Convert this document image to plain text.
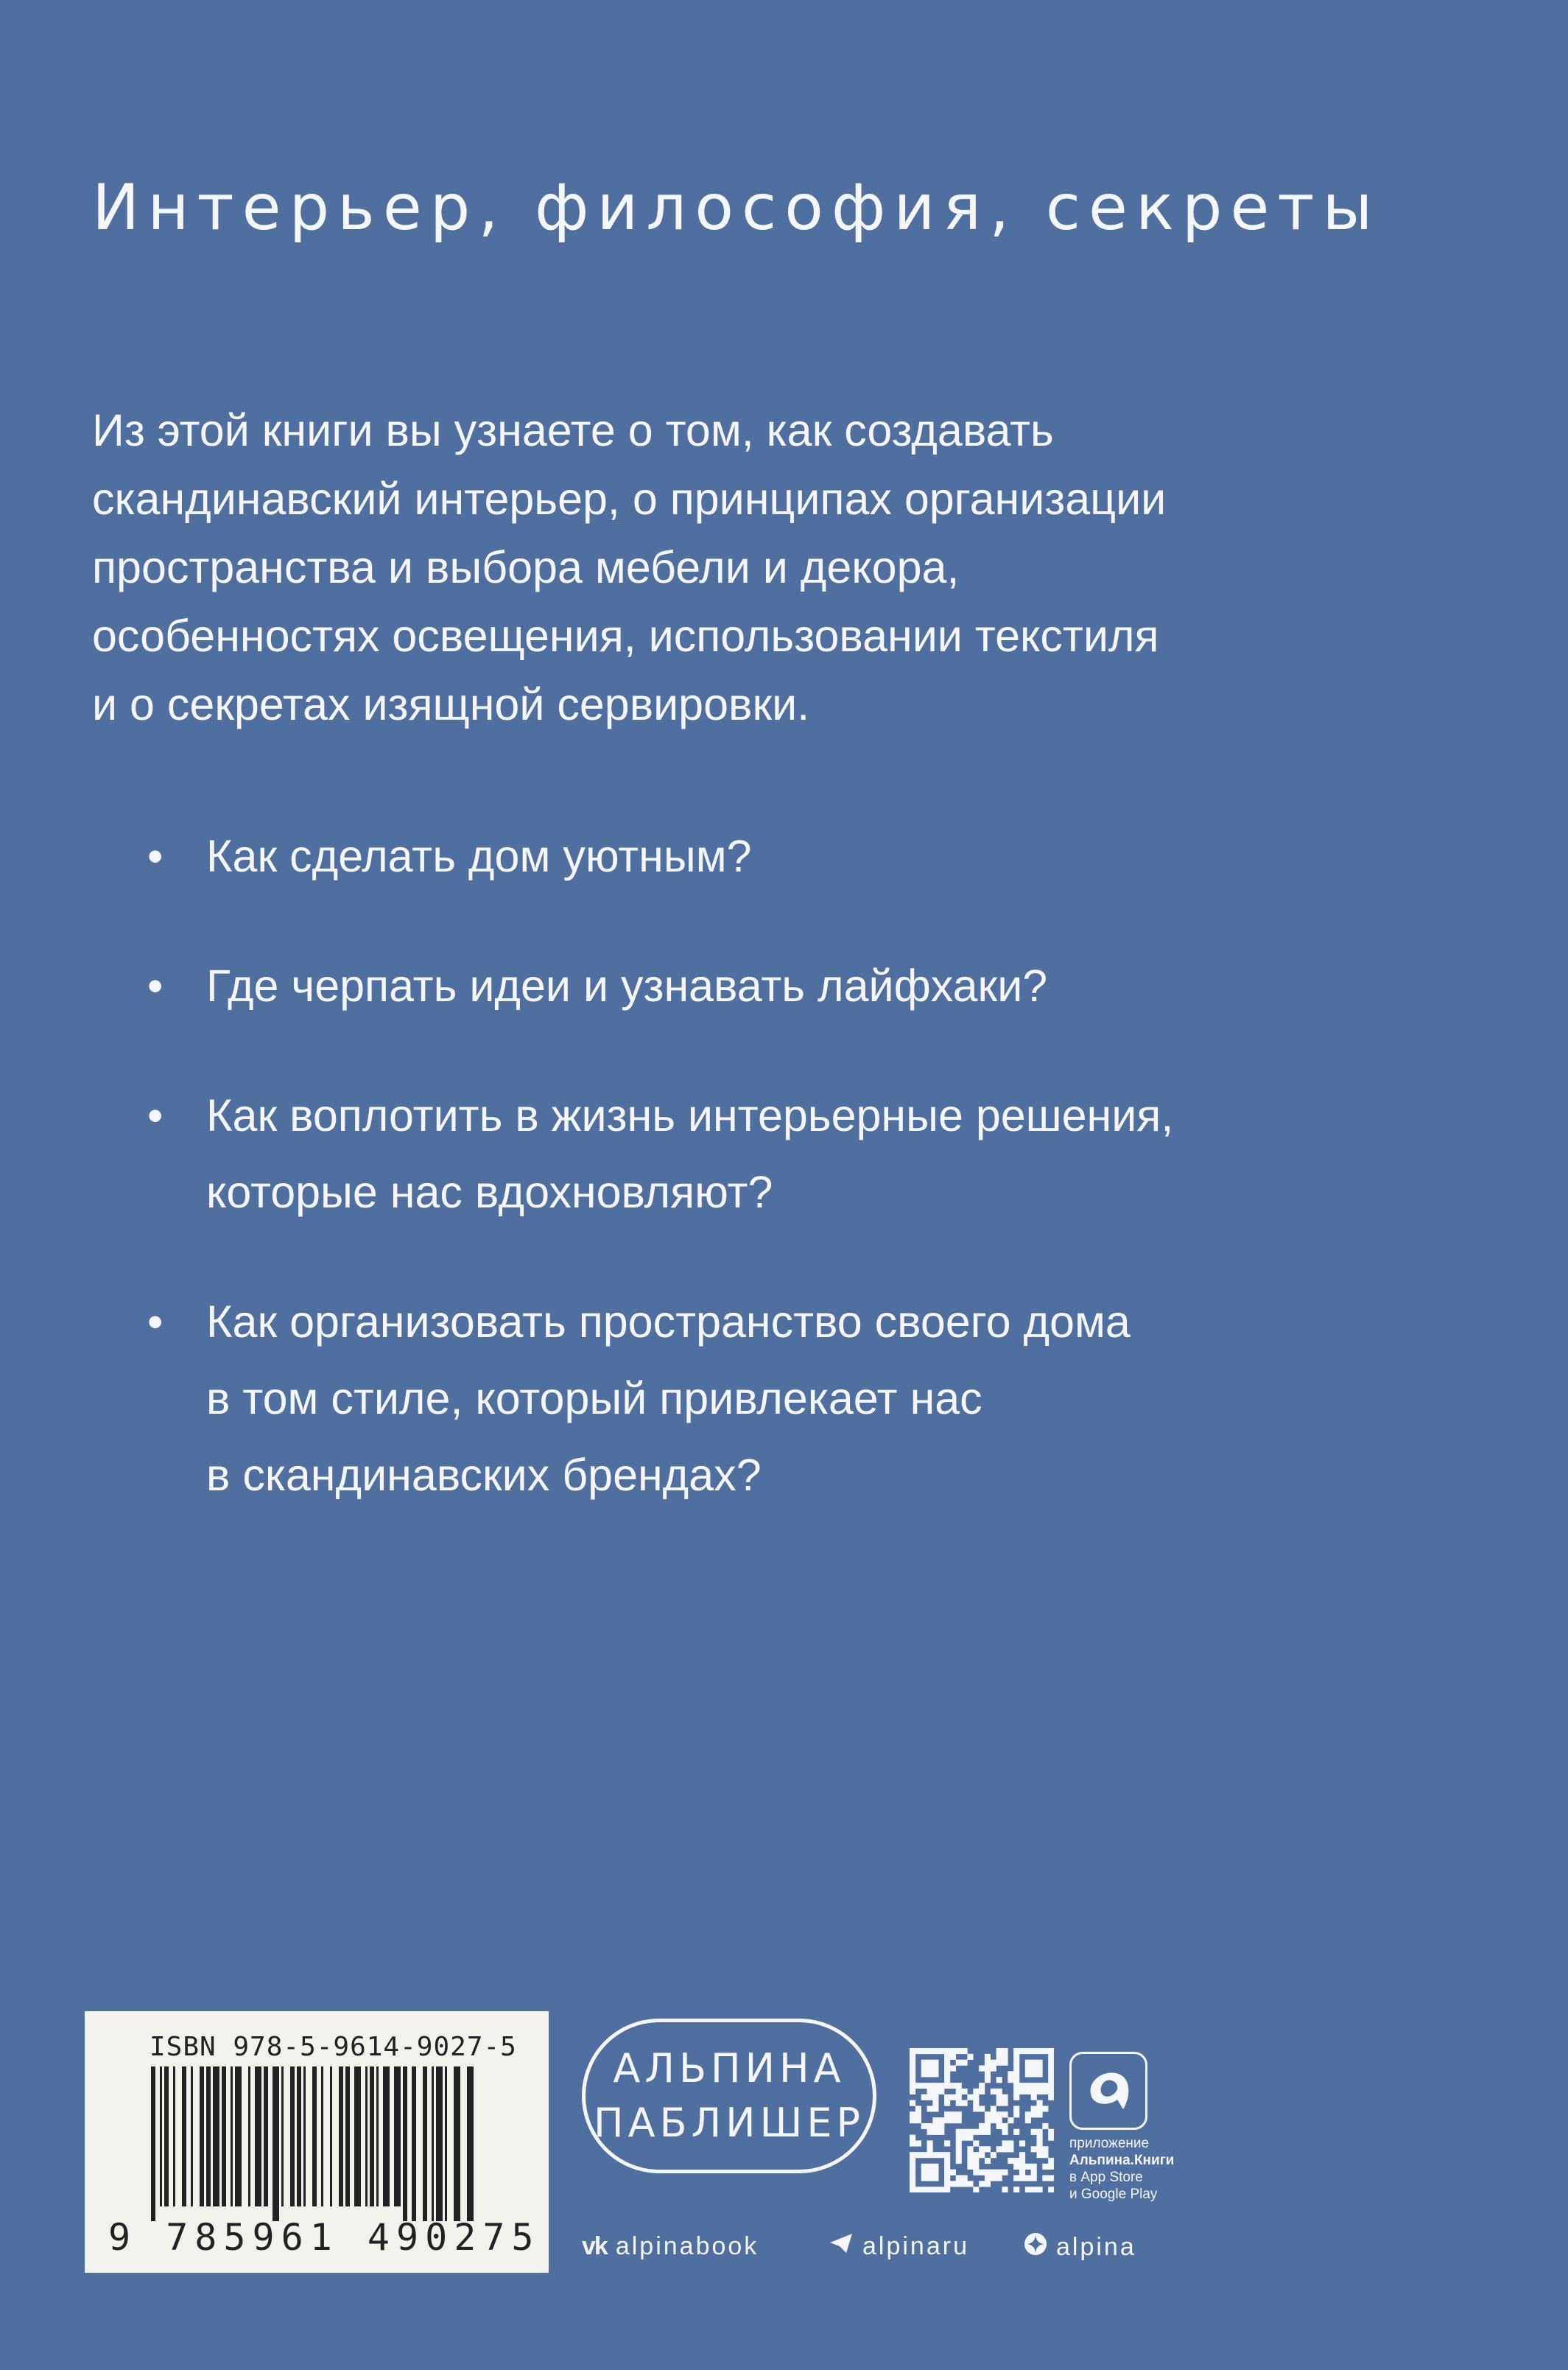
Интерьер, философия, секреты
Из этой книги вы узнаете о том, как создавать
скандинавский интерьер, о принципах организации
пространства и выбора мебели и декора,
особенностях освещения, использовании текстиля
и о секретах изящной сервировки.
• Как сделать дом уютным?
• Где черпать идеи и узнавать лайфхаки?
• Как воплотить в жизнь интерьерные решения,
которые нас вдохновляют?
• Как организовать пространство своего дома
в том стиле, который привлекает нас
в скандинавских брендах?
ISBN 978-5-9614-9027-5
9 785961 490275
АЛЬПИНА
ПАБЛИШЕР	приложение
Альпина.Книги
в App Store
и Google Play
vk alpinabook	alpinaru	alpina
